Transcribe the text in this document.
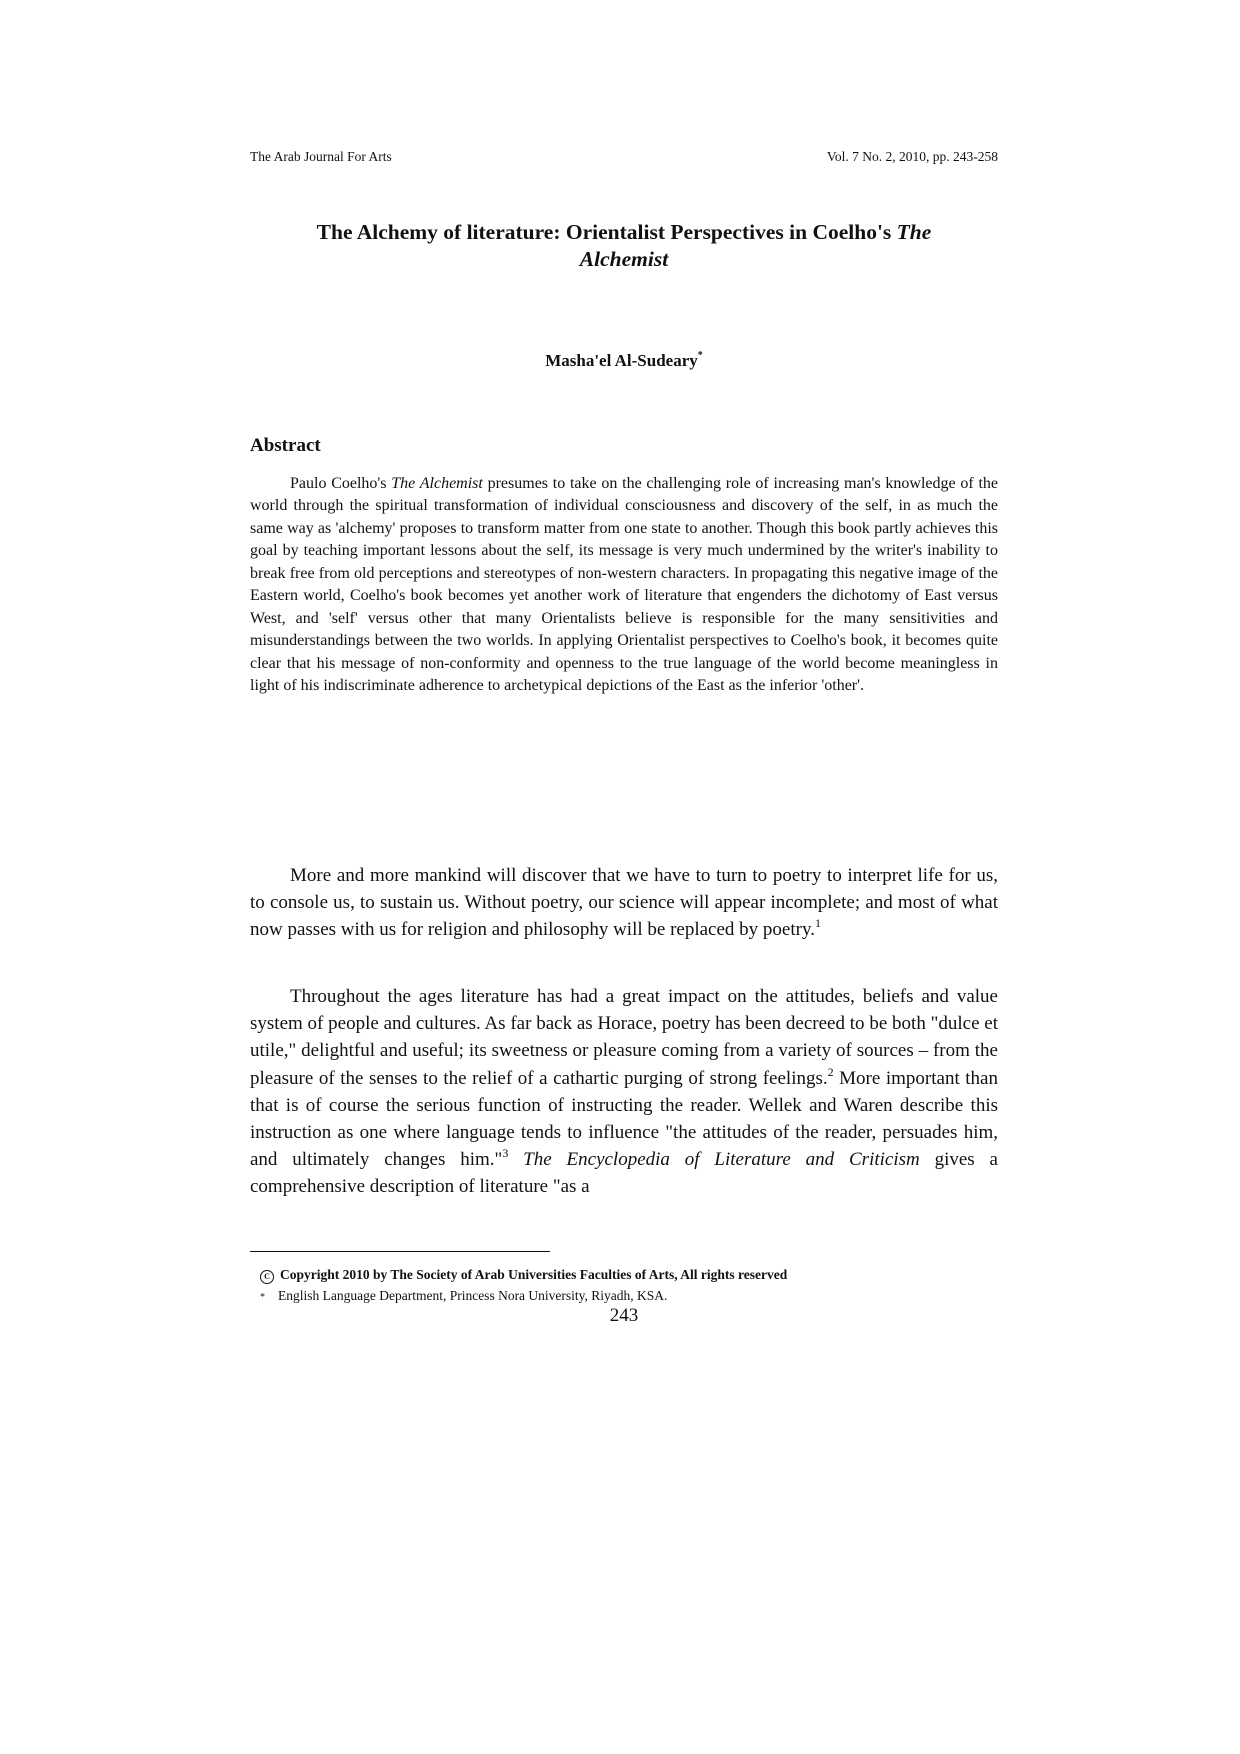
The Arab Journal For Arts	Vol. 7 No. 2, 2010, pp. 243-258
The Alchemy of literature: Orientalist Perspectives in Coelho's The
Alchemist
Masha'el Al-Sudeary*
Abstract

Paulo Coelho's The Alchemist presumes to take on the challenging role of increasing man's knowledge of the world through the spiritual transformation of individual consciousness and discovery of the self, in as much the same way as 'alchemy' proposes to transform matter from one state to another. Though this book partly achieves this goal by teaching important lessons about the self, its message is very much undermined by the writer's inability to break free from old perceptions and stereotypes of non-western characters. In propagating this negative image of the Eastern world, Coelho's book becomes yet another work of literature that engenders the dichotomy of East versus West, and 'self' versus other that many Orientalists believe is responsible for the many sensitivities and misunderstandings between the two worlds. In applying Orientalist perspectives to Coelho's book, it becomes quite clear that his message of non-conformity and openness to the true language of the world become meaningless in light of his indiscriminate adherence to archetypical depictions of the East as the inferior 'other'.

More and more mankind will discover that we have to turn to poetry to interpret life for us, to console us, to sustain us. Without poetry, our science will appear incomplete; and most of what now passes with us for religion and philosophy will be replaced by poetry.$^1$

Throughout the ages literature has had a great impact on the attitudes, beliefs and value system of people and cultures. As far back as Horace, poetry has been decreed to be both "dulce et utile," delightful and useful; its sweetness or pleasure coming from a variety of sources – from the pleasure of the senses to the relief of a cathartic purging of strong feelings.$^2$ More important than that is of course the serious function of instructing the reader. Wellek and Waren describe this instruction as one where language tends to influence "the attitudes of the reader, persuades him, and ultimately changes him."$^3$ The Encyclopedia of Literature and Criticism gives a comprehensive description of literature "as a

C Copyright 2010 by The Society of Arab Universities Faculties of Arts, All rights reserved
* English Language Department, Princess Nora University, Riyadh, KSA.
243
